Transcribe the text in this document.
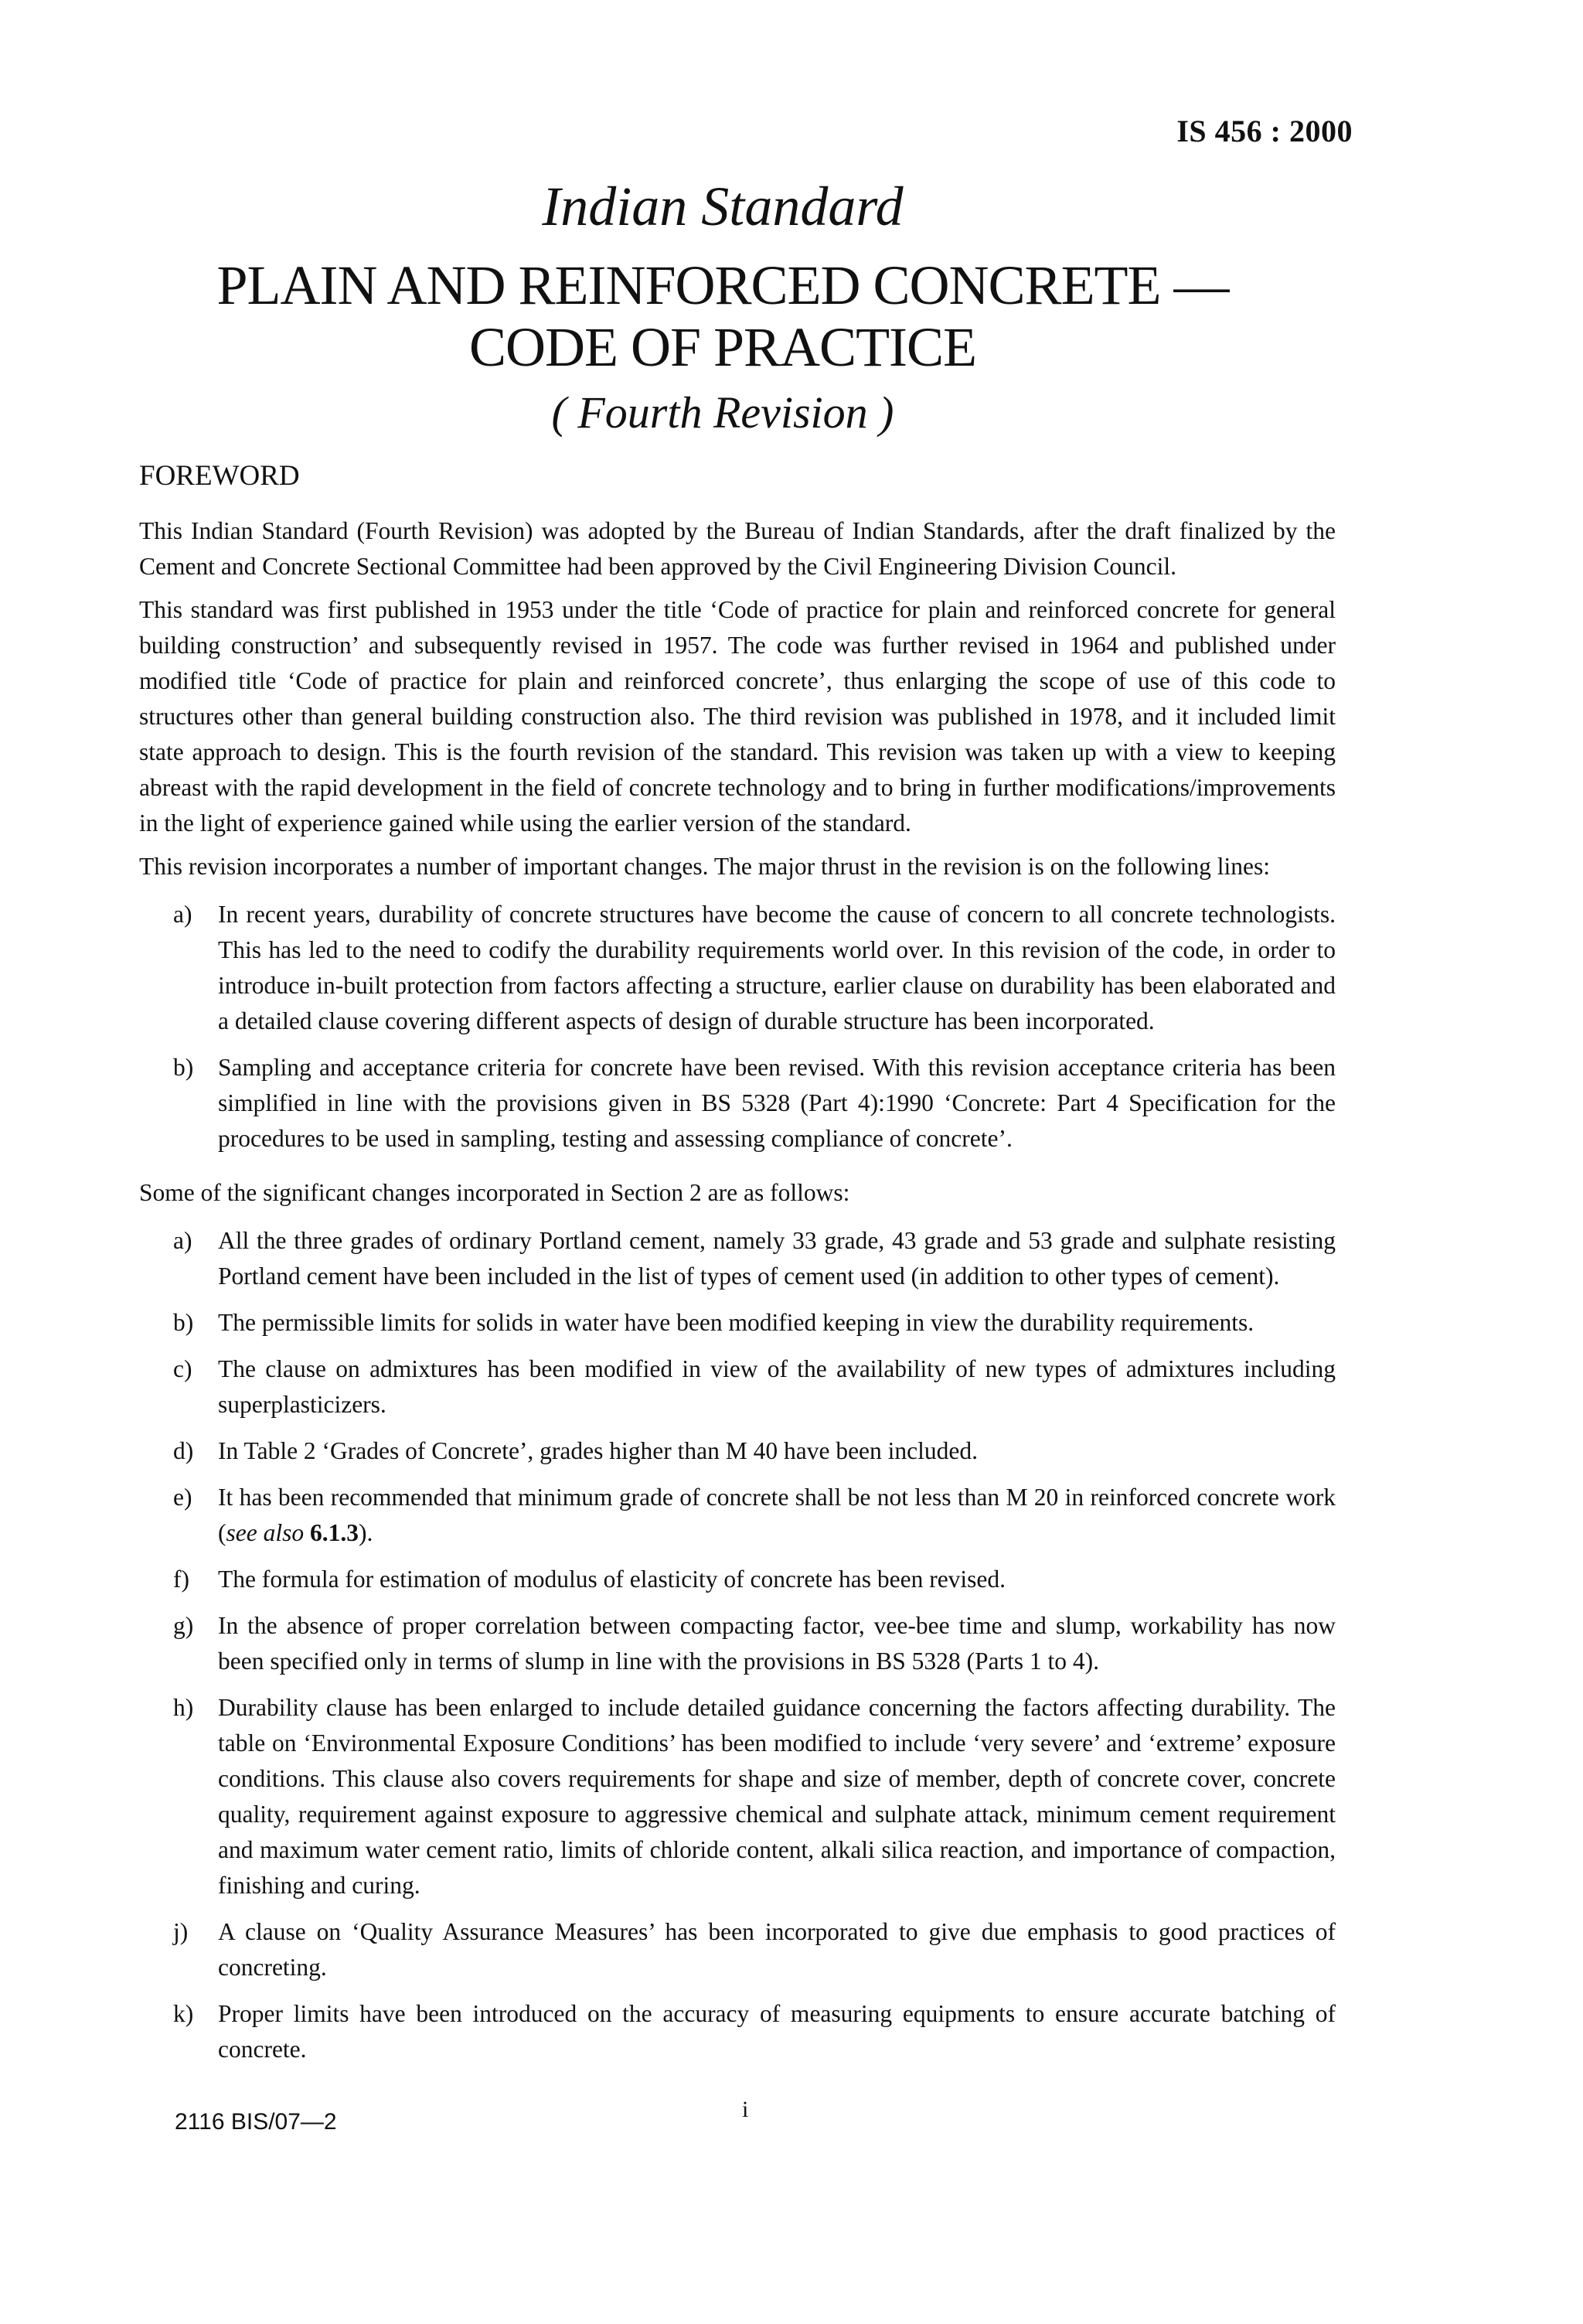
IS 456 : 2000
Indian Standard
PLAIN AND REINFORCED CONCRETE —
CODE OF PRACTICE
( Fourth Revision )
FOREWORD

This Indian Standard (Fourth Revision) was adopted by the Bureau of Indian Standards, after the draft finalized by the Cement and Concrete Sectional Committee had been approved by the Civil Engineering Division Council.

This standard was first published in 1953 under the title ‘Code of practice for plain and reinforced concrete for general building construction’ and subsequently revised in 1957. The code was further revised in 1964 and published under modified title ‘Code of practice for plain and reinforced concrete’, thus enlarging the scope of use of this code to structures other than general building construction also. The third revision was published in 1978, and it included limit state approach to design. This is the fourth revision of the standard. This revision was taken up with a view to keeping abreast with the rapid development in the field of concrete technology and to bring in further modifications/improvements in the light of experience gained while using the earlier version of the standard.

This revision incorporates a number of important changes. The major thrust in the revision is on the following lines:

a) In recent years, durability of concrete structures have become the cause of concern to all concrete technologists. This has led to the need to codify the durability requirements world over. In this revision of the code, in order to introduce in-built protection from factors affecting a structure, earlier clause on durability has been elaborated and a detailed clause covering different aspects of design of durable structure has been incorporated.
b) Sampling and acceptance criteria for concrete have been revised. With this revision acceptance criteria has been simplified in line with the provisions given in BS 5328 (Part 4):1990 ‘Concrete: Part 4 Specification for the procedures to be used in sampling, testing and assessing compliance of concrete’.

Some of the significant changes incorporated in Section 2 are as follows:

a) All the three grades of ordinary Portland cement, namely 33 grade, 43 grade and 53 grade and sulphate resisting Portland cement have been included in the list of types of cement used (in addition to other types of cement).
b) The permissible limits for solids in water have been modified keeping in view the durability requirements.
c) The clause on admixtures has been modified in view of the availability of new types of admixtures including superplasticizers.
d) In Table 2 ‘Grades of Concrete’, grades higher than M 40 have been included.
e) It has been recommended that minimum grade of concrete shall be not less than M 20 in reinforced concrete work (see also 6.1.3).
f) The formula for estimation of modulus of elasticity of concrete has been revised.
g) In the absence of proper correlation between compacting factor, vee-bee time and slump, workability has now been specified only in terms of slump in line with the provisions in BS 5328 (Parts 1 to 4).
h) Durability clause has been enlarged to include detailed guidance concerning the factors affecting durability. The table on ‘Environmental Exposure Conditions’ has been modified to include ‘very severe’ and ‘extreme’ exposure conditions. This clause also covers requirements for shape and size of member, depth of concrete cover, concrete quality, requirement against exposure to aggressive chemical and sulphate attack, minimum cement requirement and maximum water cement ratio, limits of chloride content, alkali silica reaction, and importance of compaction, finishing and curing.
j) A clause on ‘Quality Assurance Measures’ has been incorporated to give due emphasis to good practices of concreting.
k) Proper limits have been introduced on the accuracy of measuring equipments to ensure accurate batching of concrete.
i
2116 BIS/07—2
